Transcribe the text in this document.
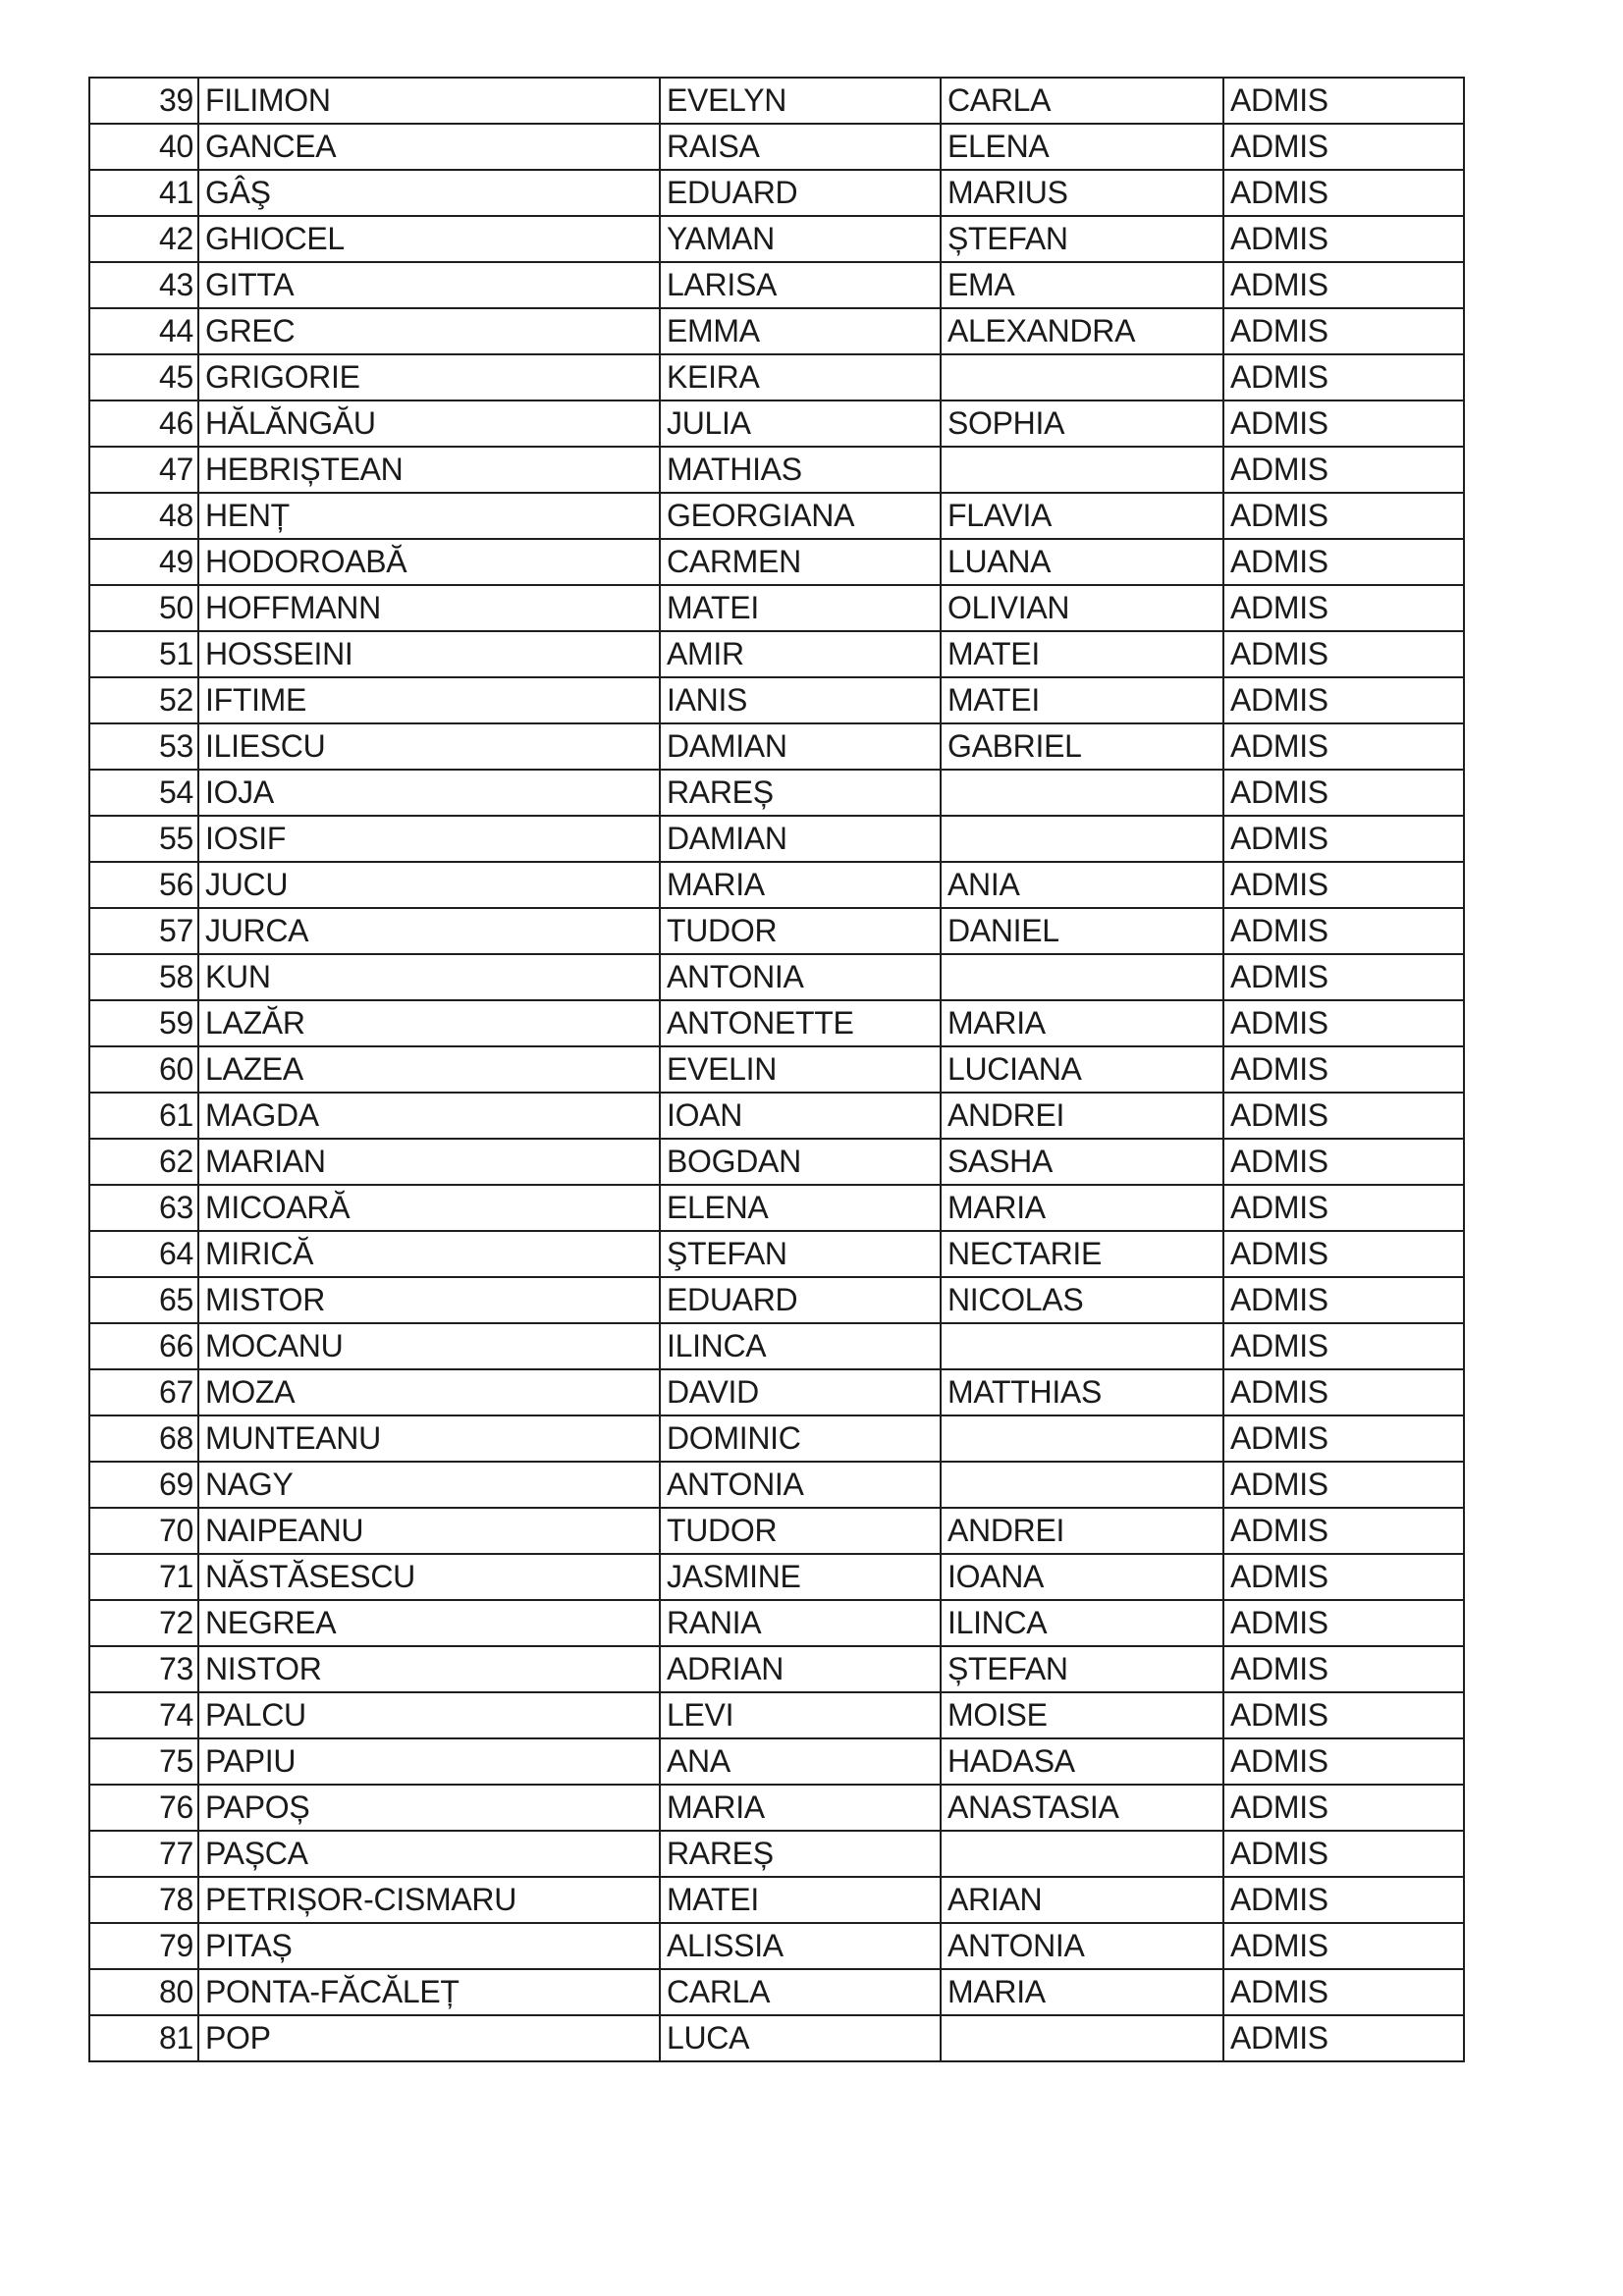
39	FILIMON	EVELYN	CARLA	ADMIS
40	GANCEA	RAISA	ELENA	ADMIS
41	GÂŞ	EDUARD	MARIUS	ADMIS
42	GHIOCEL	YAMAN	ȘTEFAN	ADMIS
43	GITTA	LARISA	EMA	ADMIS
44	GREC	EMMA	ALEXANDRA	ADMIS
45	GRIGORIE	KEIRA		ADMIS
46	HĂLĂNGĂU	JULIA	SOPHIA	ADMIS
47	HEBRIȘTEAN	MATHIAS		ADMIS
48	HENȚ	GEORGIANA	FLAVIA	ADMIS
49	HODOROABĂ	CARMEN	LUANA	ADMIS
50	HOFFMANN	MATEI	OLIVIAN	ADMIS
51	HOSSEINI	AMIR	MATEI	ADMIS
52	IFTIME	IANIS	MATEI	ADMIS
53	ILIESCU	DAMIAN	GABRIEL	ADMIS
54	IOJA	RAREȘ		ADMIS
55	IOSIF	DAMIAN		ADMIS
56	JUCU	MARIA	ANIA	ADMIS
57	JURCA	TUDOR	DANIEL	ADMIS
58	KUN	ANTONIA		ADMIS
59	LAZĂR	ANTONETTE	MARIA	ADMIS
60	LAZEA	EVELIN	LUCIANA	ADMIS
61	MAGDA	IOAN	ANDREI	ADMIS
62	MARIAN	BOGDAN	SASHA	ADMIS
63	MICOARĂ	ELENA	MARIA	ADMIS
64	MIRICĂ	ŞTEFAN	NECTARIE	ADMIS
65	MISTOR	EDUARD	NICOLAS	ADMIS
66	MOCANU	ILINCA		ADMIS
67	MOZA	DAVID	MATTHIAS	ADMIS
68	MUNTEANU	DOMINIC		ADMIS
69	NAGY	ANTONIA		ADMIS
70	NAIPEANU	TUDOR	ANDREI	ADMIS
71	NĂSTĂSESCU	JASMINE	IOANA	ADMIS
72	NEGREA	RANIA	ILINCA	ADMIS
73	NISTOR	ADRIAN	ȘTEFAN	ADMIS
74	PALCU	LEVI	MOISE	ADMIS
75	PAPIU	ANA	HADASA	ADMIS
76	PAPOȘ	MARIA	ANASTASIA	ADMIS
77	PAȘCA	RAREȘ		ADMIS
78	PETRIȘOR-CISMARU	MATEI	ARIAN	ADMIS
79	PITAȘ	ALISSIA	ANTONIA	ADMIS
80	PONTA-FĂCĂLEȚ	CARLA	MARIA	ADMIS
81	POP	LUCA		ADMIS
